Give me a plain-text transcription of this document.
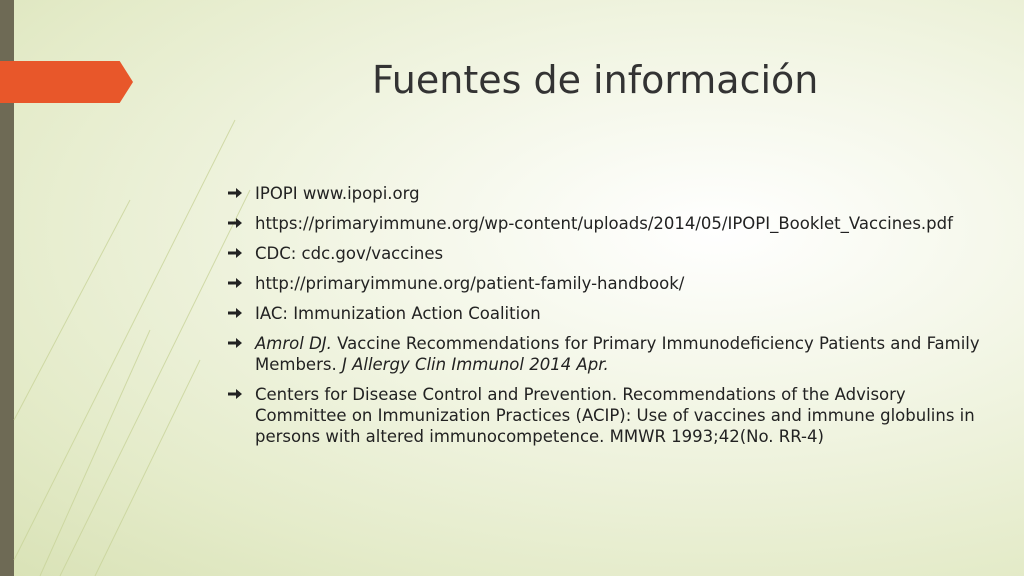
Fuentes de información
IPOPI www.ipopi.org
https://primaryimmune.org/wp-content/uploads/2014/05/IPOPI_Booklet_Vaccines.pdf
CDC: cdc.gov/vaccines
http://primaryimmune.org/patient-family-handbook/
IAC: Immunization Action Coalition
Amrol DJ. Vaccine Recommendations for Primary Immunodeficiency Patients and Family Members. J Allergy Clin Immunol 2014 Apr.
Centers for Disease Control and Prevention. Recommendations of the Advisory Committee on Immunization Practices (ACIP): Use of vaccines and immune globulins in persons with altered immunocompetence. MMWR 1993;42(No. RR-4)
